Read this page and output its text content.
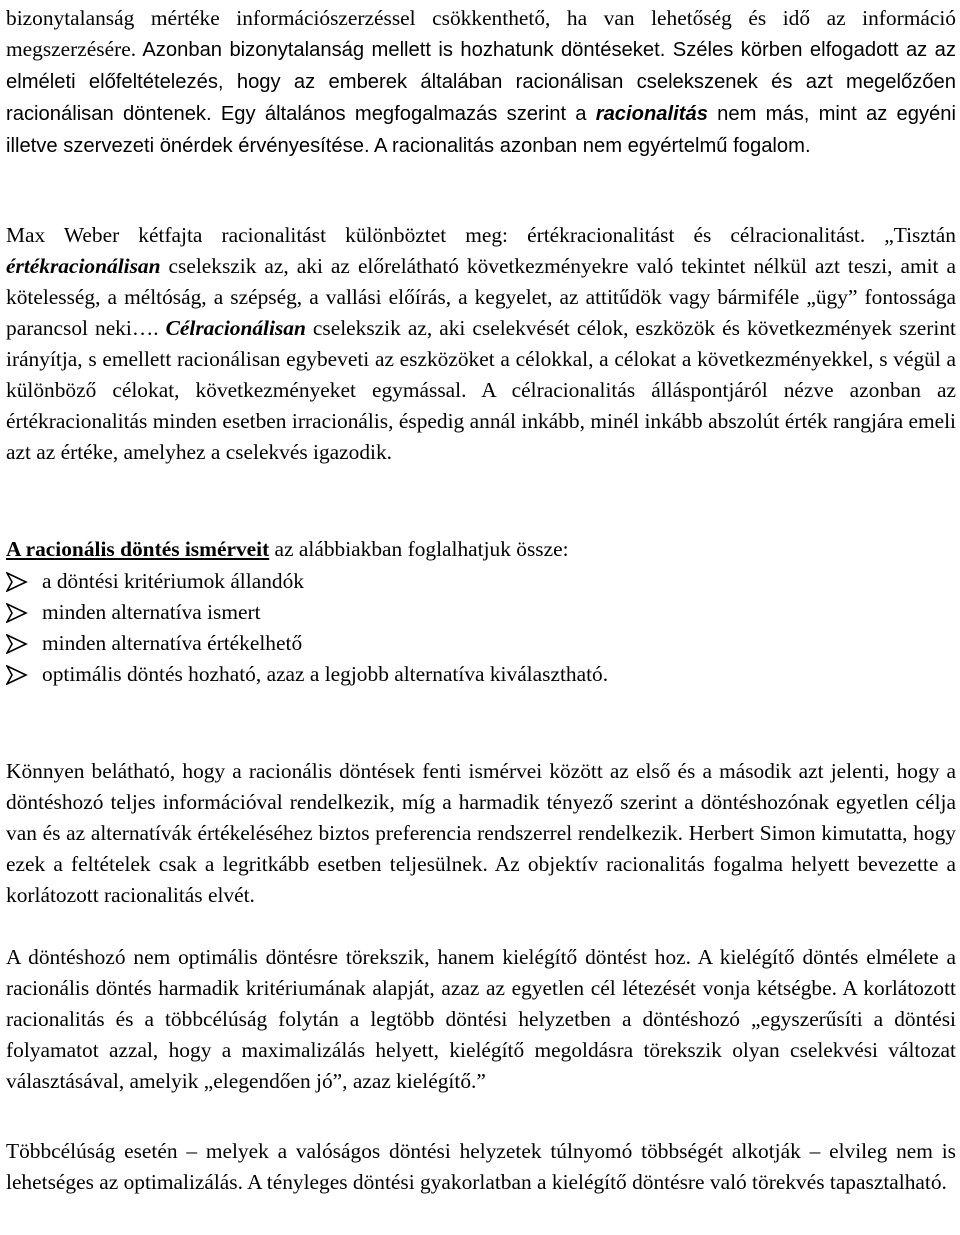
bizonytalanság mértéke információszerzéssel csökkenthető, ha van lehetőség és idő az információ megszerzésére. Azonban bizonytalanság mellett is hozhatunk döntéseket. Széles körben elfogadott az az elméleti előfeltételezés, hogy az emberek általában racionálisan cselekszenek és azt megelőzően racionálisan döntenek. Egy általános megfogalmazás szerint a racionalitás nem más, mint az egyéni illetve szervezeti önérdek érvényesítése. A racionalitás azonban nem egyértelmű fogalom.
Max Weber kétfajta racionalitást különböztet meg: értékracionalitást és célracionalitást. „Tisztán értékracionálisan cselekszik az, aki az előrelátható következményekre való tekintet nélkül azt teszi, amit a kötelesség, a méltóság, a szépség, a vallási előírás, a kegyelet, az attitűdök vagy bármiféle „ügy” fontossága parancsol neki…. Célracionálisan cselekszik az, aki cselekvését célok, eszközök és következmények szerint irányítja, s emellett racionálisan egybeveti az eszközöket a célokkal, a célokat a következményekkel, s végül a különböző célokat, következményeket egymással. A célracionalitás álláspontjáról nézve azonban az értékracionalitás minden esetben irracionális, éspedig annál inkább, minél inkább abszolút érték rangjára emeli azt az értéke, amelyhez a cselekvés igazodik.
A racionális döntés ismérveit az alábbiakban foglalhatjuk össze:
a döntési kritériumok állandók
minden alternatíva ismert
minden alternatíva értékelhető
optimális döntés hozható, azaz a legjobb alternatíva kiválasztható.
Könnyen belátható, hogy a racionális döntések fenti ismérvei között az első és a második azt jelenti, hogy a döntéshozó teljes információval rendelkezik, míg a harmadik tényező szerint a döntéshozónak egyetlen célja van és az alternatívák értékeléséhez biztos preferencia rendszerrel rendelkezik. Herbert Simon kimutatta, hogy ezek a feltételek csak a legritkább esetben teljesülnek. Az objektív racionalitás fogalma helyett bevezette a korlátozott racionalitás elvét.
A döntéshozó nem optimális döntésre törekszik, hanem kielégítő döntést hoz. A kielégítő döntés elmélete a racionális döntés harmadik kritériumának alapját, azaz az egyetlen cél létezését vonja kétségbe. A korlátozott racionalitás és a többcélúság folytán a legtöbb döntési helyzetben a döntéshozó „egyszerűsíti a döntési folyamatot azzal, hogy a maximalizálás helyett, kielégítő megoldásra törekszik olyan cselekvési változat választásával, amelyik „elegendően jó”, azaz kielégítő.”
Többcélúság esetén – melyek a valóságos döntési helyzetek túlnyomó többségét alkotják – elvileg nem is lehetséges az optimalizálás. A tényleges döntési gyakorlatban a kielégítő döntésre való törekvés tapasztalható.
